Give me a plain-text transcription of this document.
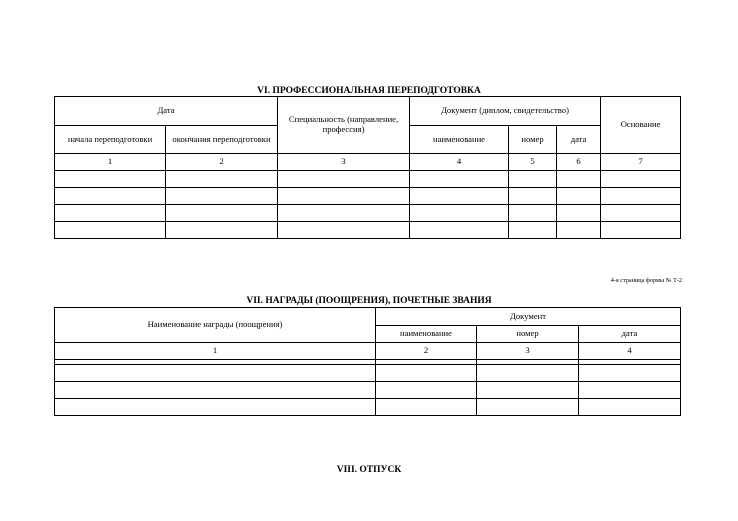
VI. ПРОФЕССИОНАЛЬНАЯ ПЕРЕПОДГОТОВКА
Дата		Специальность (направление, профессия)	Документ (диплом, свидетельство)			Основание
начала переподготовки	окончания переподготовки		наименование	номер	дата	
1	2	3	4	5	6	7

4-я страница формы № Т-2
VII. НАГРАДЫ (ПООЩРЕНИЯ), ПОЧЕТНЫЕ ЗВАНИЯ
Наименование награды (поощрения)	Документ		
	наименование	номер	дата
1	2	3	4

VIII. ОТПУСК
